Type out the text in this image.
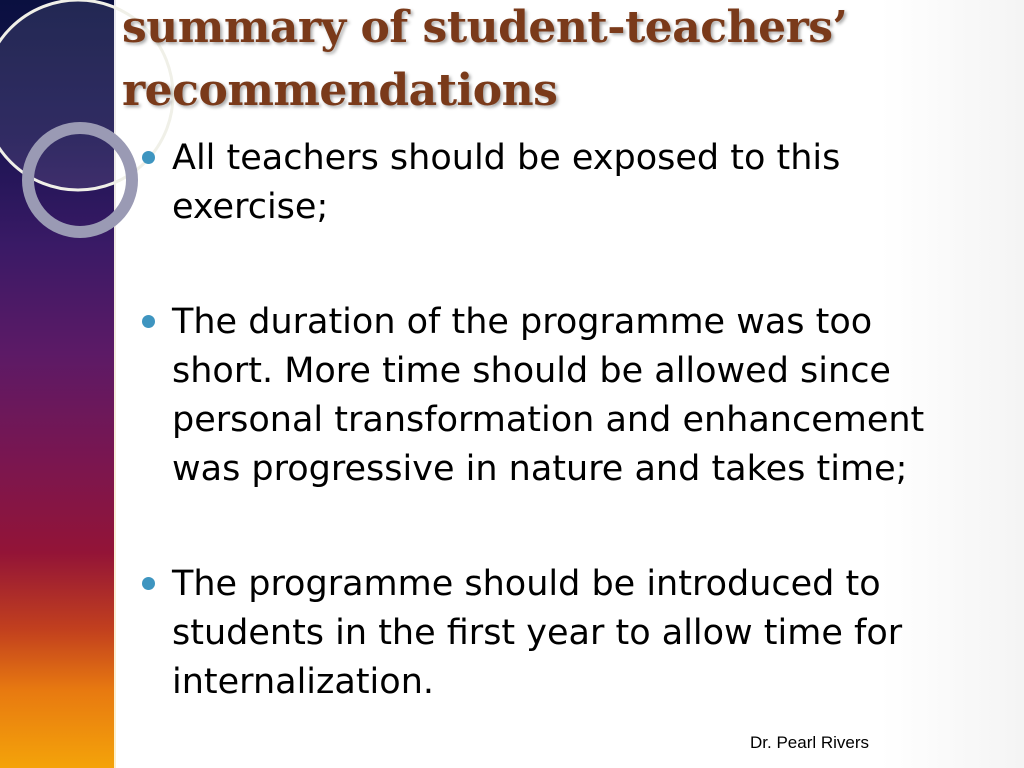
summary of student-teachers’ recommendations
All teachers should be exposed to this exercise;
The duration of the programme was too short. More time should be allowed since personal transformation and enhancement was progressive in nature and takes time;
The programme should be introduced to students in the first year to allow time for internalization.
Dr. Pearl Rivers
